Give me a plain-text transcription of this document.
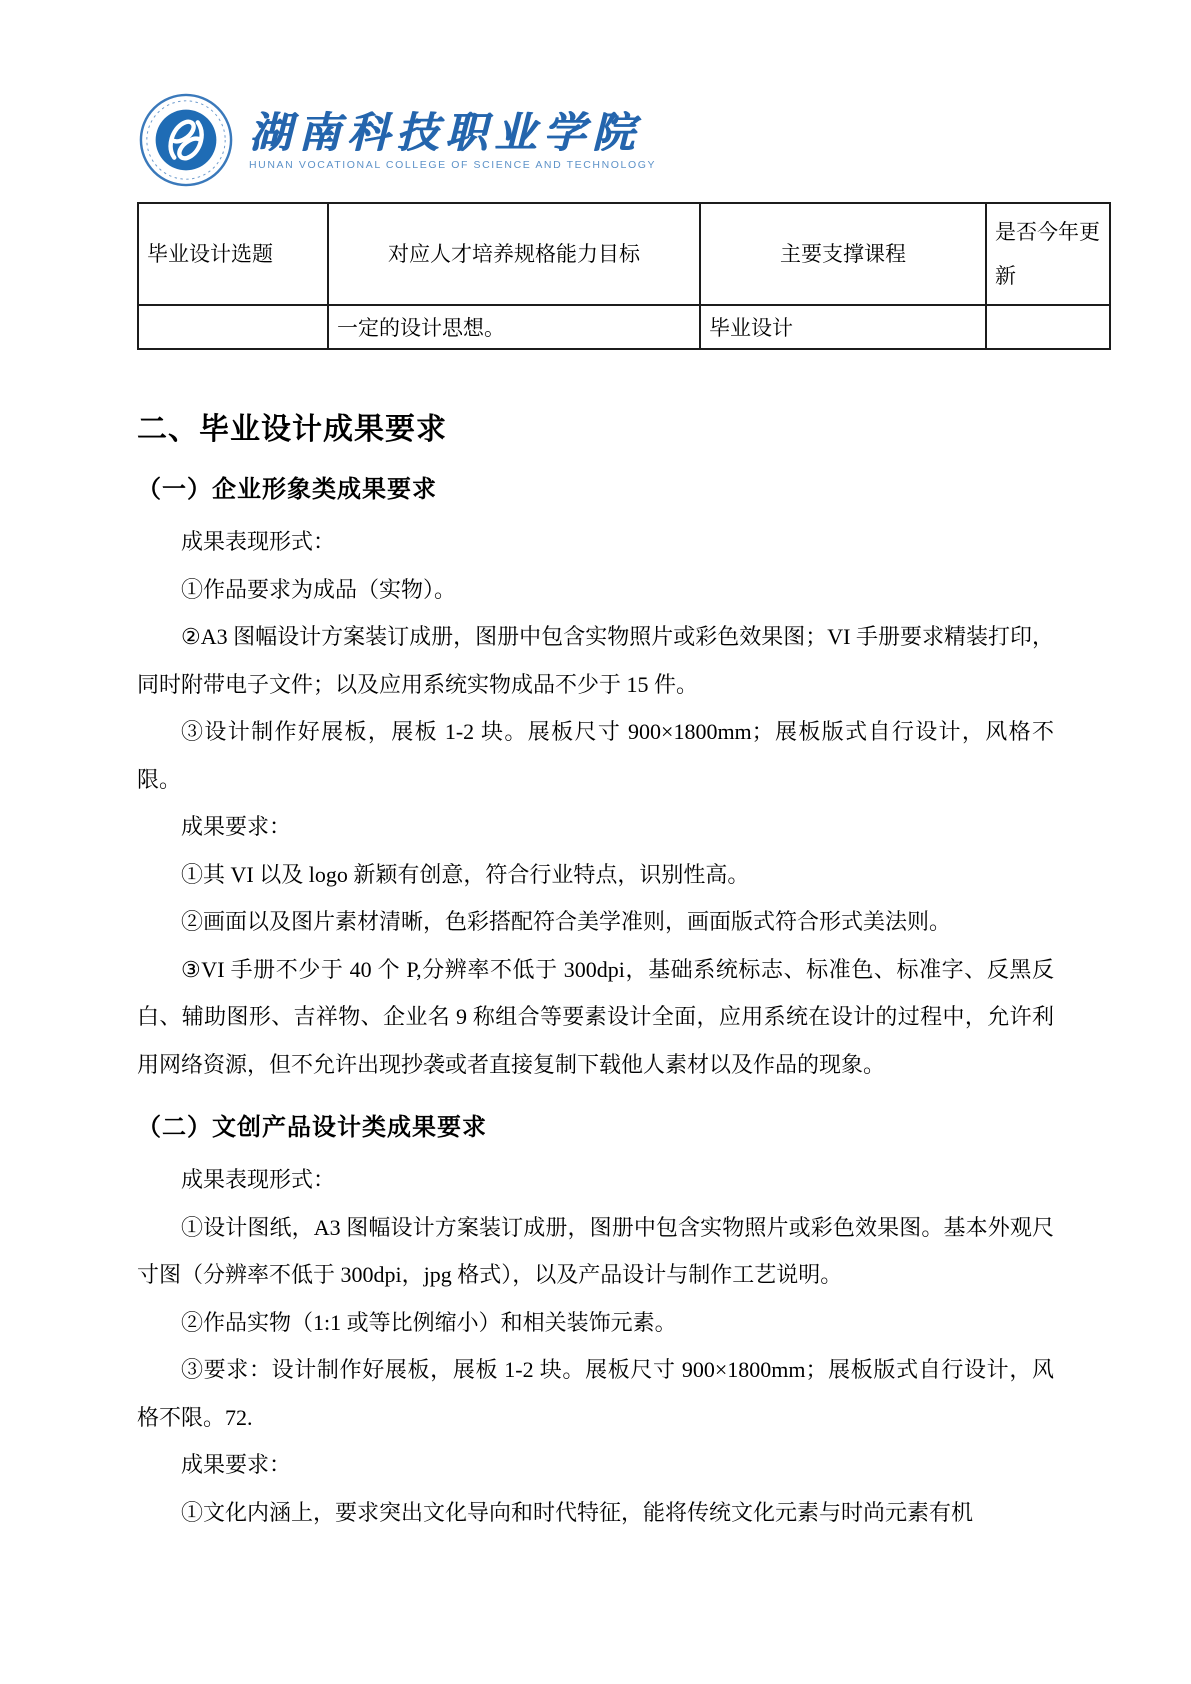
湖南科技职业学院
HUNAN VOCATIONAL COLLEGE OF SCIENCE AND TECHNOLOGY
毕业设计选题	对应人才培养规格能力目标	主要支撑课程	是否今年更新
	一定的设计思想。	毕业设计	
二、毕业设计成果要求
（一）企业形象类成果要求

成果表现形式：

①作品要求为成品（实物）。

②A3 图幅设计方案装订成册，图册中包含实物照片或彩色效果图；VI 手册要求精装打印，同时附带电子文件；以及应用系统实物成品不少于 15 件。

③设计制作好展板，展板 1-2 块。展板尺寸 900×1800mm；展板版式自行设计，风格不限。

成果要求：

①其 VI 以及 logo 新颖有创意，符合行业特点，识别性高。

②画面以及图片素材清晰，色彩搭配符合美学准则，画面版式符合形式美法则。

③VI 手册不少于 40 个 P,分辨率不低于 300dpi，基础系统标志、标准色、标准字、反黑反白、辅助图形、吉祥物、企业名 9 称组合等要素设计全面，应用系统在设计的过程中，允许利用网络资源，但不允许出现抄袭或者直接复制下载他人素材以及作品的现象。

（二）文创产品设计类成果要求

成果表现形式：

①设计图纸，A3 图幅设计方案装订成册，图册中包含实物照片或彩色效果图。基本外观尺寸图（分辨率不低于 300dpi，jpg 格式），以及产品设计与制作工艺说明。

②作品实物（1:1 或等比例缩小）和相关装饰元素。

③要求：设计制作好展板，展板 1-2 块。展板尺寸 900×1800mm；展板版式自行设计，风格不限。72.

成果要求：

①文化内涵上，要求突出文化导向和时代特征，能将传统文化元素与时尚元素有机
